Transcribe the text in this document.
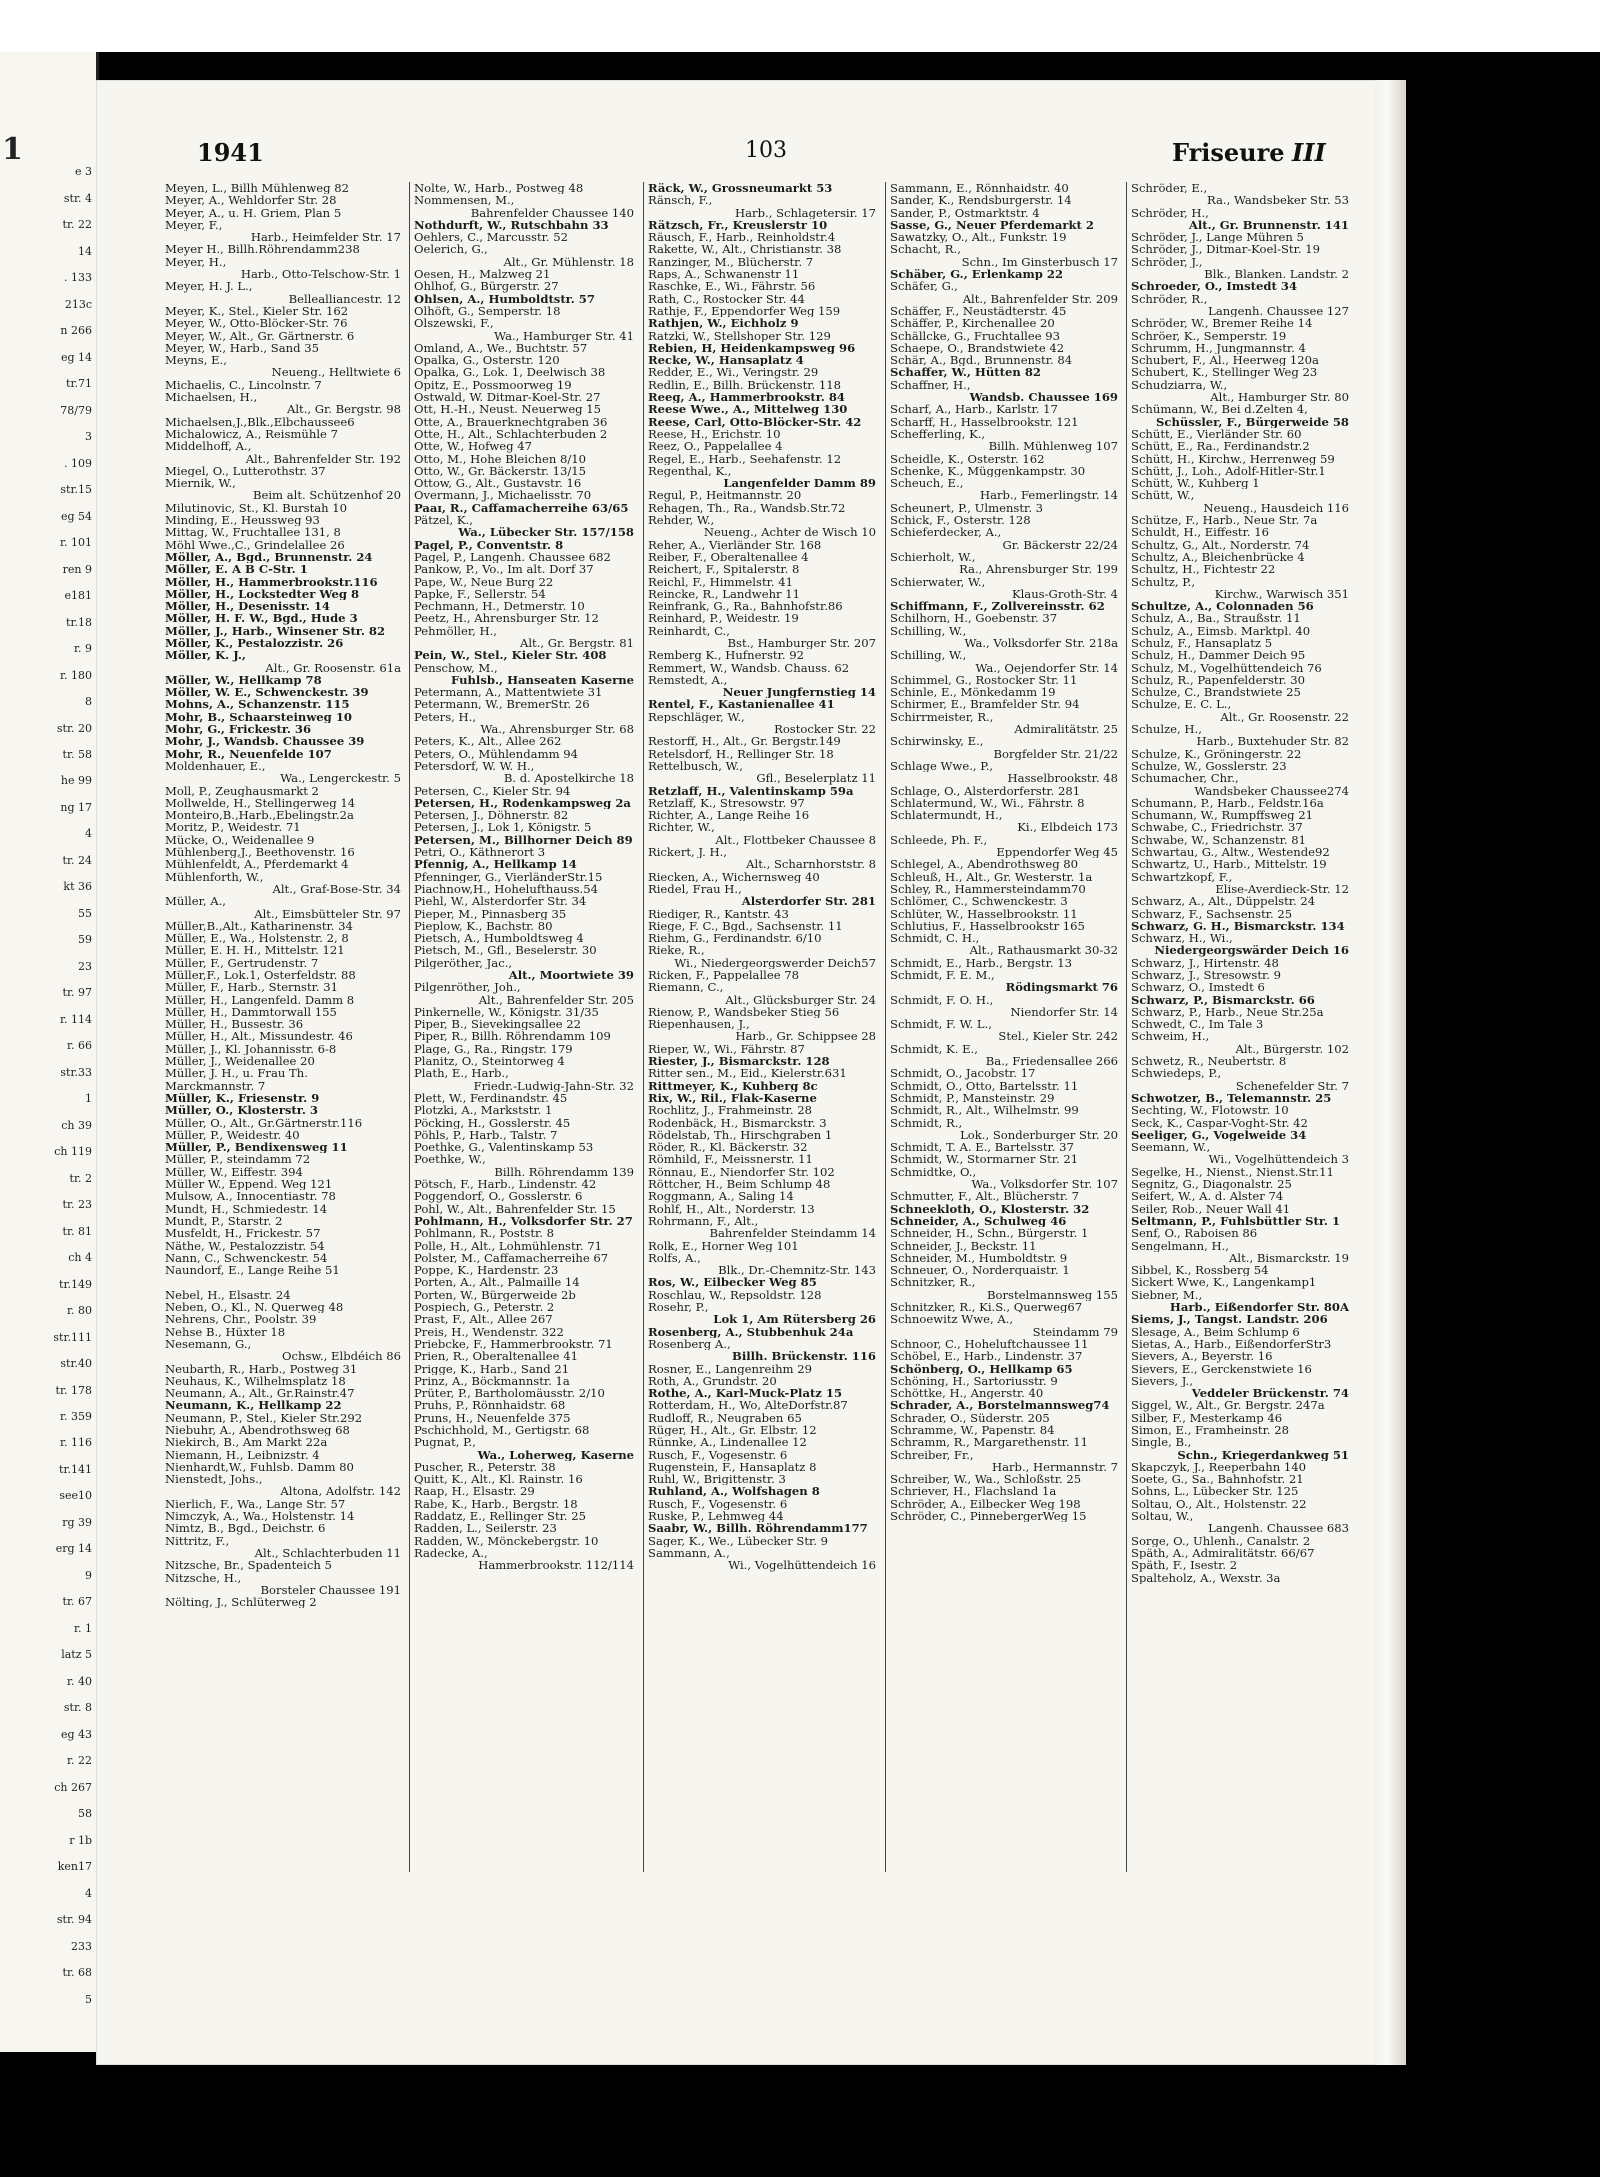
1
e 3
str. 4
tr. 22
14
. 133
213c
n 266
eg 14
tr.71
78/79
3
. 109
str.15
eg 54
r. 101
ren 9
e181
tr.18
r. 9
r. 180
8
str. 20
tr. 58
he 99
ng 17
4
tr. 24
kt 36
55
59
23
tr. 97
r. 114
r. 66
str.33
1
ch 39
ch 119
tr. 2
tr. 23
tr. 81
ch 4
tr.149
r. 80
str.111
str.40
tr. 178
r. 359
r. 116
tr.141
see10
rg 39
erg 14
9
tr. 67
r. 1
latz 5
r. 40
str. 8
eg 43
r. 22
ch 267
58
r 1b
ken17
4
str. 94
233
tr. 68
5
1941	103	Friseure III
Meyen, L., Billh Mühlenweg 82
Meyer, A., Wehldorfer Str. 28
Meyer, A., u. H. Griem, Plan 5
Meyer, F.,
Harb., Heimfelder Str. 17
Meyer H., Billh.Röhrendamm238
Meyer, H.,
Harb., Otto-Telschow-Str. 1
Meyer, H. J. L.,
Bellealliancestr. 12
Meyer, K., Stel., Kieler Str. 162
Meyer, W., Otto-Blöcker-Str. 76
Meyer, W., Alt., Gr. Gärtnerstr. 6
Meyer, W., Harb., Sand 35
Meyns, E.,
Neueng., Helltwiete 6
Michaelis, C., Lincolnstr. 7
Michaelsen, H.,
Alt., Gr. Bergstr. 98
Michaelsen,J.,Blk.,Elbchaussee6
Michalowicz, A., Reismühle 7
Middelhoff, A.,
Alt., Bahrenfelder Str. 192
Miegel, O., Lutterothstr. 37
Miernik, W.,
Beim alt. Schützenhof 20
Milutinovic, St., Kl. Burstah 10
Minding, E., Heussweg 93
Mittag, W., Fruchtallee 131, 8
Möhl Wwe.,C., Grindelallee 26
Möller, A., Bgd., Brunnenstr. 24
Möller, E. A B C-Str. 1
Möller, H., Hammerbrookstr.116
Möller, H., Lockstedter Weg 8
Möller, H., Desenisstr. 14
Möller, H. F. W., Bgd., Hude 3
Möller, J., Harb., Winsener Str. 82
Möller, K., Pestalozzistr. 26
Möller, K. J.,
Alt., Gr. Roosenstr. 61a
Möller, W., Hellkamp 78
Möller, W. E., Schwenckestr. 39
Mohns, A., Schanzenstr. 115
Mohr, B., Schaarsteinweg 10
Mohr, G., Frickestr. 36
Mohr, J., Wandsb. Chaussee 39
Mohr, R., Neuenfelde 107
Moldenhauer, E.,
Wa., Lengerckestr. 5
Moll, P., Zeughausmarkt 2
Mollwelde, H., Stellingerweg 14
Monteiro,B.,Harb.,Ebelingstr.2a
Moritz, P., Weidestr. 71
Mücke, O., Weidenallee 9
Mühlenberg,J., Beethovenstr. 16
Mühlenfeldt, A., Pferdemarkt 4
Mühlenforth, W.,
Alt., Graf-Bose-Str. 34
Müller, A.,
Alt., Eimsbütteler Str. 97
Müller,B.,Alt., Katharinenstr. 34
Müller, E., Wa., Holstenstr. 2, 8
Müller, E. H. H., Mittelstr. 121
Müller, F., Gertrudenstr. 7
Müller,F., Lok.1, Osterfeldstr. 88
Müller, F., Harb., Sternstr. 31
Müller, H., Langenfeld. Damm 8
Müller, H., Dammtorwall 155
Müller, H., Bussestr. 36
Müller, H., Alt., Missundestr. 46
Müller, J., Kl. Johannisstr. 6-8
Müller, J., Weidenallee 20
Müller, J. H., u. Frau Th.
Marckmannstr. 7
Müller, K., Friesenstr. 9
Müller, O., Klosterstr. 3
Müller, O., Alt., Gr.Gärtnerstr.116
Müller, P., Weidestr. 40
Müller, P., Bendixensweg 11
Müller, P., steindamm 72
Müller, W., Eiffestr. 394
Müller W., Eppend. Weg 121
Mulsow, A., Innocentiastr. 78
Mundt, H., Schmiedestr. 14
Mundt, P., Starstr. 2
Musfeldt, H., Frickestr. 57
Näthe, W., Pestalozzistr. 54
Nann, C., Schwenckestr. 54
Naundorf, E., Lange Reihe 51

Nebel, H., Elsastr. 24
Neben, O., Kl., N. Querweg 48
Nehrens, Chr., Poolstr. 39
Nehse B., Hüxter 18
Nesemann, G.,
Ochsw., Elbdéich 86
Neubarth, R., Harb., Postweg 31
Neuhaus, K., Wilhelmsplatz 18
Neumann, A., Alt., Gr.Rainstr.47
Neumann, K., Hellkamp 22
Neumann, P., Stel., Kieler Str.292
Niebuhr, A., Abendrothsweg 68
Niekirch, B., Am Markt 22a
Niemann, H., Leibnizstr. 4
Nienhardt,W., Fuhlsb. Damm 80
Nienstedt, Johs.,
Altona, Adolfstr. 142
Nierlich, F., Wa., Lange Str. 57
Nimczyk, A., Wa., Holstenstr. 14
Nimtz, B., Bgd., Deichstr. 6
Nittritz, F.,
Alt., Schlachterbuden 11
Nitzsche, Br., Spadenteich 5
Nitzsche, H.,
Borsteler Chaussee 191
Nölting, J., Schlüterweg 2
Nolte, W., Harb., Postweg 48
Nommensen, M.,
Bahrenfelder Chaussee 140
Nothdurft, W., Rutschbahn 33
Oehlers, C., Marcusstr. 52
Oelerich, G.,
Alt., Gr. Mühlenstr. 18
Oesen, H., Malzweg 21
Ohlhof, G., Bürgerstr. 27
Ohlsen, A., Humboldtstr. 57
Olhöft, G., Semperstr. 18
Olszewski, F.,
Wa., Hamburger Str. 41
Omland, A., We., Buchtstr. 57
Opalka, G., Osterstr. 120
Opalka, G., Lok. 1, Deelwisch 38
Opitz, E., Possmoorweg 19
Ostwald, W. Ditmar-Koel-Str. 27
Ott, H.-H., Neust. Neuerweg 15
Otte, A., Brauerknechtgraben 36
Otte, H., Alt., Schlachterbuden 2
Otte, W., Hofweg 47
Otto, M., Hohe Bleichen 8/10
Otto, W., Gr. Bäckerstr. 13/15
Ottow, G., Alt., Gustavstr. 16
Overmann, J., Michaelisstr. 70
Paaɪ, R., Caffamacherreihe 63/65
Pätzel, K.,
Wa., Lübecker Str. 157/158
Pagel, P., Conventstr. 8
Pagel, P., Langenh. Chaussee 682
Pankow, P., Vo., Im alt. Dorf 37
Pape, W., Neue Burg 22
Papke, F., Sellerstr. 54
Pechmann, H., Detmerstr. 10
Peetz, H., Ahrensburger Str. 12
Pehmöller, H.,
Alt., Gr. Bergstr. 81
Pein, W., Stel., Kieler Str. 408
Penschow, M.,
Fuhlsb., Hanseaten Kaserne
Petermann, A., Mattentwiete 31
Petermann, W., BremerStr. 26
Peters, H.,
Wa., Ahrensburger Str. 68
Peters, K., Alt., Allee 262
Peters, O., Mühlendamm 94
Petersdorf, W. W. H.,
B. d. Apostelkirche 18
Petersen, C., Kieler Str. 94
Petersen, H., Rodenkampsweg 2a
Petersen, J., Döhnerstr. 82
Petersen, J., Lok 1, Königstr. 5
Petersen, M., Billhorner Deich 89
Petri, O., Käthnerort 3
Pfennig, A., Hellkamp 14
Pfenninger, G., VierländerStr.15
Piachnow,H., Hohelufthauss.54
Piehl, W., Alsterdorfer Str. 34
Pieper, M., Pinnasberg 35
Pieplow, K., Bachstr. 80
Pietsch, A., Humboldtsweg 4
Pietsch, M., Gfl., Beselerstr. 30
Pilgeröther, Jac.,
Alt., Moortwiete 39
Pilgenröther, Joh.,
Alt., Bahrenfelder Str. 205
Pinkernelle, W., Königstr. 31/35
Piper, B., Sievekingsallee 22
Piper, R., Billh. Röhrendamm 109
Plage, G., Ra., Ringstr. 179
Planitz, O., Steintorweg 4
Plath, E., Harb.,
Friedr.-Ludwig-Jahn-Str. 32
Plett, W., Ferdinandstr. 45
Plotzki, A., Markststr. 1
Pöcking, H., Gosslerstr. 45
Pöhls, P., Harb., Talstr. 7
Poethke, G., Valentinskamp 53
Poethke, W.,
Billh. Röhrendamm 139
Pötsch, F., Harb., Lindenstr. 42
Poggendorf, O., Gosslerstr. 6
Pohl, W., Alt., Bahrenfelder Str. 15
Pohlmann, H., Volksdorfer Str. 27
Pohlmann, R., Poststr. 8
Polle, H., Alt., Lohmühlenstr. 71
Polster, M., Caffamacherreihe 67
Poppe, K., Hardenstr. 23
Porten, A., Alt., Palmaille 14
Porten, W., Bürgerweide 2b
Pospiech, G., Peterstr. 2
Prast, F., Alt., Allee 267
Preis, H., Wendenstr. 322
Priebcke, F., Hammerbrookstr. 71
Prien, R., Oberaltenallee 41
Prigge, K., Harb., Sand 21
Prinz, A., Böckmannstr. 1a
Prüter, P., Bartholomäusstr. 2/10
Pruhs, P., Rönnhaidstr. 68
Pruns, H., Neuenfelde 375
Pschichhold, M., Gertigstr. 68
Pugnat, P.,
Wa., Loherweg, Kaserne
Puscher, R., Peterstr. 38
Quitt, K., Alt., Kl. Rainstr. 16
Raap, H., Elsastr. 29
Rabe, K., Harb., Bergstr. 18
Raddatz, E., Rellinger Str. 25
Radden, L., Seilerstr. 23
Radden, W., Mönckebergstr. 10
Radecke, A.,
Hammerbrookstr. 112/114
Räck, W., Grossneumarkt 53
Ränsch, F.,
Harb., Schlagetersir. 17
Rätzsch, Fr., Kreuslerstr 10
Räusch, F., Harb., Reinholdstr.4
Rakette, W., Alt., Christianstr. 38
Ranzinger, M., Blücherstr. 7
Raps, A., Schwanenstr 11
Raschke, E., Wi., Fährstr. 56
Rath, C., Rostocker Str. 44
Rathje, F., Eppendorfer Weg 159
Rathjen, W., Eichholz 9
Ratzki, W., Stellshoper Str. 129
Rebien, H, Heidenkampsweg 96
Recke, W., Hansaplatz 4
Redder, E., Wi., Veringstr. 29
Redlin, E., Billh. Brückenstr. 118
Reeg, A., Hammerbrookstr. 84
Reese Wwe., A., Mittelweg 130
Reese, Carl, Otto-Blöcker-Str. 42
Reese, H., Erichstr. 10
Reez, O., Pappelallee 4
Regel, E., Harb., Seehafenstr. 12
Regenthal, K.,
Langenfelder Damm 89
Regul, P., Heitmannstr. 20
Rehagen, Th., Ra., Wandsb.Str.72
Rehder, W.,
Neueng., Achter de Wisch 10
Reher, A., Vierländer Str. 168
Reiber, F., Oberaltenallee 4
Reichert, F., Spitalerstr. 8
Reichl, F., Himmelstr. 41
Reincke, R., Landwehr 11
Reinfrank, G., Ra., Bahnhofstr.86
Reinhard, P., Weidestr. 19
Reinhardt, C.,
Bst., Hamburger Str. 207
Remberg K., Hufnerstr. 92
Remmert, W., Wandsb. Chauss. 62
Remstedt, A.,
Neuer Jungfernstieg 14
Rentel, F., Kastanienallee 41
Repschläger, W.,
Rostocker Str. 22
Restorff, H., Alt., Gr. Bergstr.149
Retelsdorf, H., Rellinger Str. 18
Rettelbusch, W.,
Gfl., Beselerplatz 11
Retzlaff, H., Valentinskamp 59a
Retzlaff, K., Stresowstr. 97
Richter, A., Lange Reihe 16
Richter, W.,
Alt., Flottbeker Chaussee 8
Rickert, J. H.,
Alt., Scharnhorststr. 8
Riecken, A., Wichernsweg 40
Riedel, Frau H.,
Alsterdorfer Str. 281
Riediger, R., Kantstr. 43
Riege, F. C., Bgd., Sachsenstr. 11
Riehm, G., Ferdinandstr. 6/10
Rieke, R.,
Wi., Niedergeorgswerder Deich57
Ricken, F., Pappelallee 78
Riemann, C.,
Alt., Glücksburger Str. 24
Rienow, P., Wandsbeker Stieg 56
Riepenhausen, J.,
Harb., Gr. Schippsee 28
Rieper, W., Wi., Fährstr. 87
Riester, J., Bismarckstr. 128
Ritter sen., M., Eid., Kielerstr.631
Rittmeyer, K., Kuhberg 8c
Rix, W., Ril., Flak-Kaserne
Rochlitz, J., Frahmeinstr. 28
Rodenbäck, H., Bismarckstr. 3
Rödelstab, Th., Hirschgraben 1
Röder, R., Kl. Bäckerstr. 32
Römhild, F., Meissnerstr. 11
Rönnau, E., Niendorfer Str. 102
Röttcher, H., Beim Schlump 48
Roggmann, A., Saling 14
Rohlf, H., Alt., Norderstr. 13
Rohrmann, F., Alt.,
Bahrenfelder Steindamm 14
Rolk, E., Horner Weg 101
Rolfs, A.,
Blk., Dr.-Chemnitz-Str. 143
Ros, W., Eilbecker Weg 85
Roschlau, W., Repsoldstr. 128
Rosehr, P.,
Lok 1, Am Rütersberg 26
Rosenberg, A., Stubbenhuk 24a
Rosenberg A.,
Billh. Brückenstr. 116
Rosner, E., Langenreihm 29
Roth, A., Grundstr. 20
Rothe, A., Karl-Muck-Platz 15
Rotterdam, H., Wo, AlteDorfstr.87
Rudloff, R., Neugraben 65
Rüger, H., Alt., Gr. Elbstr. 12
Rünnke, A., Lindenallee 12
Rusch, F., Vogesenstr. 6
Rugenstein, F., Hansaplatz 8
Ruhl, W., Brigittenstr. 3
Ruhland, A., Wolfshagen 8
Rusch, F., Vogesenstr. 6
Ruske, P., Lehmweg 44
Saabr, W., Billh. Röhrendamm177
Sager, K., We., Lübecker Str. 9
Sammann, A.,
Wi., Vogelhüttendeich 16
Sammann, E., Rönnhaidstr. 40
Sander, K., Rendsburgerstr. 14
Sander, P., Ostmarktstr. 4
Sasse, G., Neuer Pferdemarkt 2
Sawatzky, O., Alt., Funkstr. 19
Schacht, R.,
Schn., Im Ginsterbusch 17
Schäber, G., Erlenkamp 22
Schäfer, G.,
Alt., Bahrenfelder Str. 209
Schäffer, F., Neustädterstr. 45
Schäffer, P., Kirchenallee 20
Schällcke, G., Fruchtallee 93
Schaepe, O., Brandstwiete 42
Schär, A., Bgd., Brunnenstr. 84
Schaffer, W., Hütten 82
Schaffner, H.,
Wandsb. Chaussee 169
Scharf, A., Harb., Karlstr. 17
Scharff, H., Hasselbrookstr. 121
Schefferling, K.,
Billh. Mühlenweg 107
Scheidle, K., Osterstr. 162
Schenke, K., Müggenkampstr. 30
Scheuch, E.,
Harb., Femerlingstr. 14
Scheunert, P., Ulmenstr. 3
Schick, F., Osterstr. 128
Schieferdecker, A.,
Gr. Bäckerstr 22/24
Schierholt, W.,
Ra., Ahrensburger Str. 199
Schierwater, W.,
Klaus-Groth-Str. 4
Schiffmann, F., Zollvereinsstr. 62
Schilhorn, H., Goebenstr. 37
Schilling, W.,
Wa., Volksdorfer Str. 218a
Schilling, W.,
Wa., Oejendorfer Str. 14
Schimmel, G., Rostocker Str. 11
Schinle, E., Mönkedamm 19
Schirmer, E., Bramfelder Str. 94
Schirrmeister, R.,
Admiralitätstr. 25
Schirwinsky, E.,
Borgfelder Str. 21/22
Schlage Wwe., P.,
Hasselbrookstr. 48
Schlage, O., Alsterdorferstr. 281
Schlatermund, W., Wi., Fährstr. 8
Schlatermundt, H.,
Ki., Elbdeich 173
Schleede, Ph. F.,
Eppendorfer Weg 45
Schlegel, A., Abendrothsweg 80
Schleuß, H., Alt., Gr. Westerstr. 1a
Schley, R., Hammersteindamm70
Schlömer, C., Schwenckestr. 3
Schlüter, W., Hasselbrookstr. 11
Schlutius, F., Hasselbrookstr 165
Schmidt, C. H.,
Alt., Rathausmarkt 30-32
Schmidt, E., Harb., Bergstr. 13
Schmidt, F. E. M.,
Rödingsmarkt 76
Schmidt, F. O. H.,
Niendorfer Str. 14
Schmidt, F. W. L.,
Stel., Kieler Str. 242
Schmidt, K. E.,
Ba., Friedensallee 266
Schmidt, O., Jacobstr. 17
Schmidt, O., Otto, Bartelsstr. 11
Schmidt, P., Mansteinstr. 29
Schmidt, R., Alt., Wilhelmstr. 99
Schmidt, R.,
Lok., Sonderburger Str. 20
Schmidt, T. A. E., Bartelsstr. 37
Schmidt, W., Stormarner Str. 21
Schmidtke, O.,
Wa., Volksdorfer Str. 107
Schmutter, F., Alt., Blücherstr. 7
Schneekloth, O., Klosterstr. 32
Schneider, A., Schulweg 46
Schneider, H., Schn., Bürgerstr. 1
Schneider, J., Beckstr. 11
Schneider, M., Humboldtstr. 9
Schneuer, O., Norderquaistr. 1
Schnitzker, R.,
Borstelmannsweg 155
Schnitzker, R., Ki.S., Querweg67
Schnoewitz Wwe, A.,
Steindamm 79
Schnoor, C., Hoheluftchaussee 11
Schöbel, E., Harb., Lindenstr. 37
Schönberg, O., Hellkamp 65
Schöning, H., Sartoriusstr. 9
Schöttke, H., Angerstr. 40
Schrader, A., Borstelmannsweg74
Schrader, O., Süderstr. 205
Schramme, W., Papenstr. 84
Schramm, R., Margarethenstr. 11
Schreiber, Fr.,
Harb., Hermannstr. 7
Schreiber, W., Wa., Schloßstr. 25
Schriever, H., Flachsland 1a
Schröder, A., Eilbecker Weg 198
Schröder, C., PinnebergerWeg 15
Schröder, E.,
Ra., Wandsbeker Str. 53
Schröder, H.,
Alt., Gr. Brunnenstr. 141
Schröder, J., Lange Mühren 5
Schröder, J., Ditmar-Koel-Str. 19
Schröder, J.,
Blk., Blanken. Landstr. 2
Schroeder, O., Imstedt 34
Schröder, R.,
Langenh. Chaussee 127
Schröder, W., Bremer Reihe 14
Schröer, K., Semperstr. 19
Schrumm, H., Jungmannstr. 4
Schubert, F., Al., Heerweg 120a
Schubert, K., Stellinger Weg 23
Schudziarra, W.,
Alt., Hamburger Str. 80
Schümann, W., Bei d.Zelten 4,
Schüssler, F., Bürgerweide 58
Schütt, E., Vierländer Str. 60
Schütt, E., Ra., Ferdinandstr.2
Schütt, H., Kirchw., Herrenweg 59
Schütt, J., Loh., Adolf-Hitler-Str.1
Schütt, W., Kuhberg 1
Schütt, W.,
Neueng., Hausdeich 116
Schütze, F., Harb., Neue Str. 7a
Schuldt, H., Eiffestr. 16
Schultz, G., Alt., Norderstr. 74
Schultz, A., Bleichenbrücke 4
Schultz, H., Fichtestr 22
Schultz, P.,
Kirchw., Warwisch 351
Schultze, A., Colonnaden 56
Schulz, A., Ba., Straußstr. 11
Schulz, A., Eimsb. Marktpl. 40
Schulz, F., Hansaplatz 5
Schulz, H., Dammer Deich 95
Schulz, M., Vogelhüttendeich 76
Schulz, R., Papenfelderstr. 30
Schulze, C., Brandstwiete 25
Schulze, E. C. L.,
Alt., Gr. Roosenstr. 22
Schulze, H.,
Harb., Buxtehuder Str. 82
Schulze, K., Gröningerstr. 22
Schulze, W., Gosslerstr. 23
Schumacher, Chr.,
Wandsbeker Chaussee274
Schumann, P., Harb., Feldstr.16a
Schumann, W., Rumpffsweg 21
Schwabe, C., Friedrichstr. 37
Schwabe, W., Schanzenstr. 81
Schwartau, G., Altw., Westende92
Schwartz, U., Harb., Mittelstr. 19
Schwartzkopf, F.,
Elise-Averdieck-Str. 12
Schwarz, A., Alt., Düppelstr. 24
Schwarz, F., Sachsenstr. 25
Schwarz, G. H., Bismarckstr. 134
Schwarz, H., Wi.,
Niedergeorgswärder Deich 16
Schwarz, J., Hirtenstr. 48
Schwarz, J., Stresowstr. 9
Schwarz, O., Imstedt 6
Schwarz, P., Bismarckstr. 66
Schwarz, P., Harb., Neue Str.25a
Schwedt, C., Im Tale 3
Schweim, H.,
Alt., Bürgerstr. 102
Schwetz, R., Neubertstr. 8
Schwiedeps, P.,
Schenefelder Str. 7
Schwotzer, B., Telemannstr. 25
Sechting, W., Flotowstr. 10
Seck, K., Caspar-Voght-Str. 42
Seeliger, G., Vogelweide 34
Seemann, W.,
Wi., Vogelhüttendeich 3
Segelke, H., Nienst., Nienst.Str.11
Segnitz, G., Diagonalstr. 25
Seifert, W., A. d. Alster 74
Seiler, Rob., Neuer Wall 41
Seltmann, P., Fuhlsbüttler Str. 1
Senf, O., Raboisen 86
Sengelmann, H.,
Alt., Bismarckstr. 19
Sibbel, K., Rossberg 54
Sickert Wwe, K., Langenkamp1
Siebner, M.,
Harb., Eißendorfer Str. 80A
Siems, J., Tangst. Landstr. 206
Slesage, A., Beim Schlump 6
Sietas, A., Harb., EißendorferStr3
Sievers, A., Beyerstr. 16
Sievers, E., Gerckenstwiete 16
Sievers, J.,
Veddeler Brückenstr. 74
Siggel, W., Alt., Gr. Bergstr. 247a
Silber, F., Mesterkamp 46
Simon, E., Framheinstr. 28
Single, B.,
Schn., Kriegerdankweg 51
Skapczyk, J., Reeperbahn 140
Soete, G., Sa., Bahnhofstr. 21
Sohns, L., Lübecker Str. 125
Soltau, O., Alt., Holstenstr. 22
Soltau, W.,
Langenh. Chaussee 683
Sorge, O., Uhlenh., Canalstr. 2
Späth, A., Admiralitätstr. 66/67
Späth, F., Isestr. 2
Spalteholz, A., Wexstr. 3a
